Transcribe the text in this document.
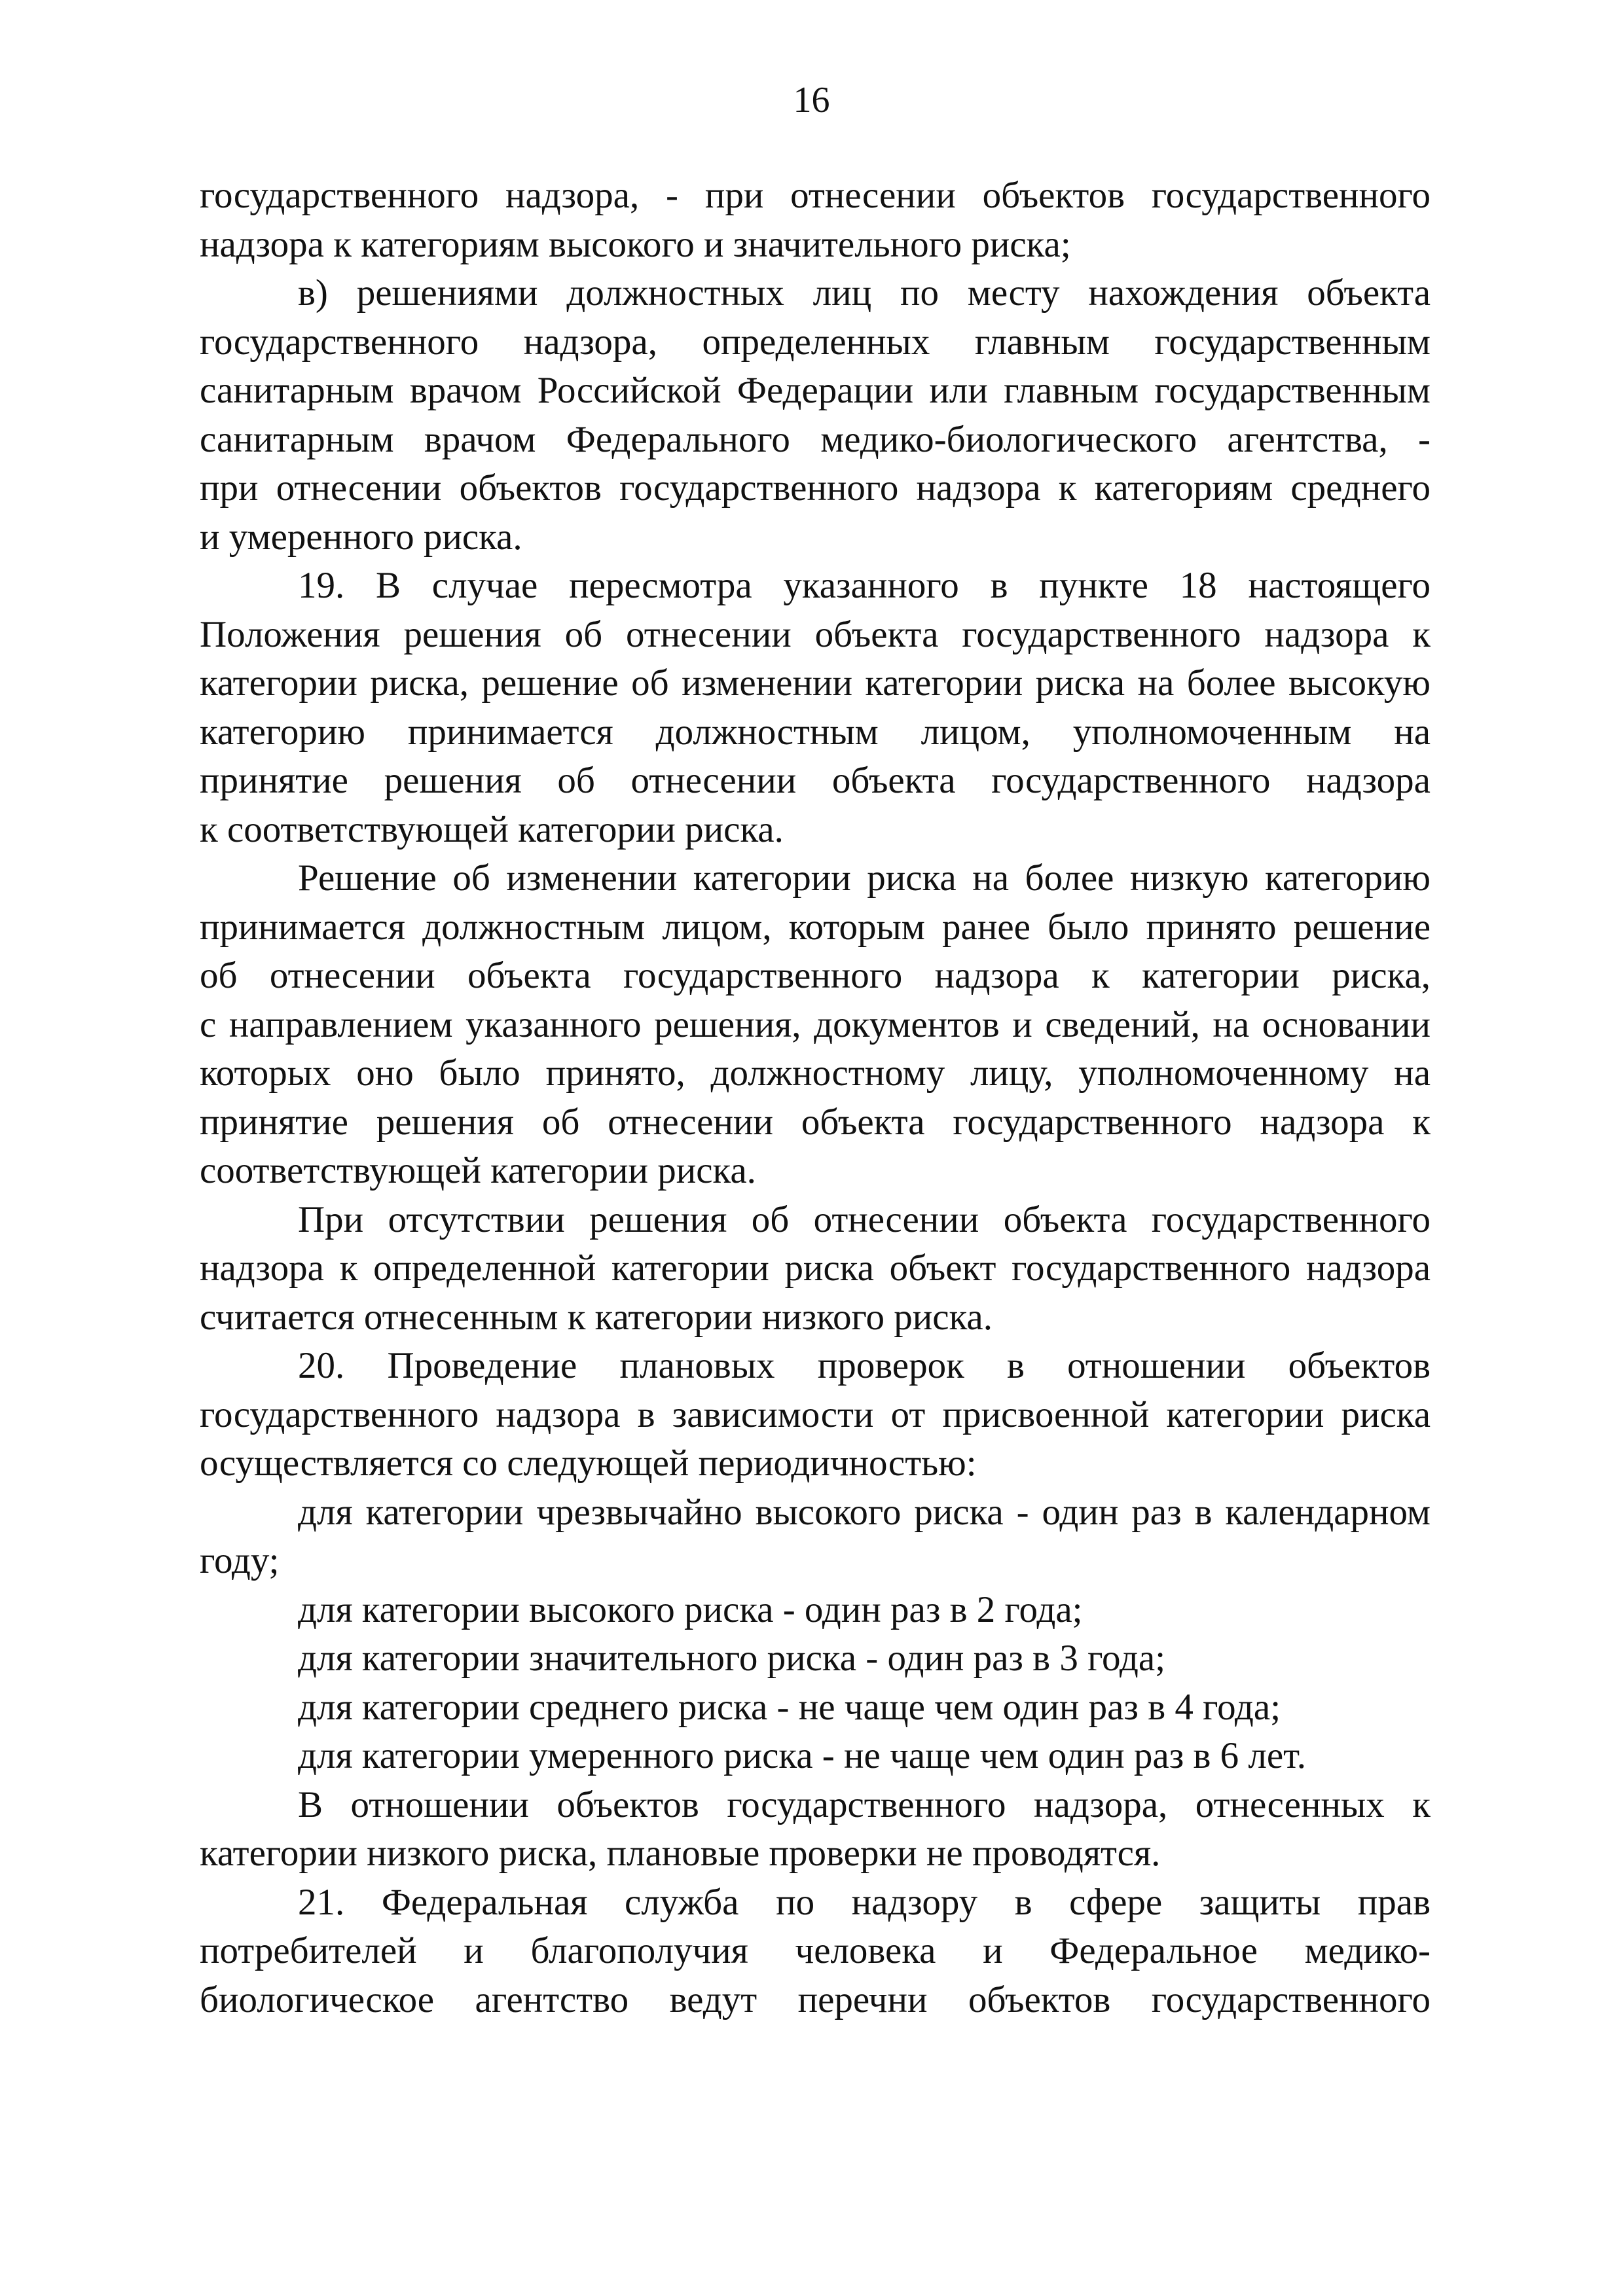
16
государственного надзора, - при отнесении объектов государственного
надзора к категориям высокого и значительного риска;
в) решениями должностных лиц по месту нахождения объекта
государственного надзора, определенных главным государственным
санитарным врачом Российской Федерации или главным государственным
санитарным врачом Федерального медико-биологического агентства, -
при отнесении объектов государственного надзора к категориям среднего
и умеренного риска.
19. В случае пересмотра указанного в пункте 18 настоящего
Положения решения об отнесении объекта государственного надзора к
категории риска, решение об изменении категории риска на более высокую
категорию принимается должностным лицом, уполномоченным на
принятие решения об отнесении объекта государственного надзора
к соответствующей категории риска.
Решение об изменении категории риска на более низкую категорию
принимается должностным лицом, которым ранее было принято решение
об отнесении объекта государственного надзора к категории риска,
с направлением указанного решения, документов и сведений, на основании
которых оно было принято, должностному лицу, уполномоченному на
принятие решения об отнесении объекта государственного надзора к
соответствующей категории риска.
При отсутствии решения об отнесении объекта государственного
надзора к определенной категории риска объект государственного надзора
считается отнесенным к категории низкого риска.
20. Проведение плановых проверок в отношении объектов
государственного надзора в зависимости от присвоенной категории риска
осуществляется со следующей периодичностью:
для категории чрезвычайно высокого риска - один раз в календарном
году;
для категории высокого риска - один раз в 2 года;
для категории значительного риска - один раз в 3 года;
для категории среднего риска - не чаще чем один раз в 4 года;
для категории умеренного риска - не чаще чем один раз в 6 лет.
В отношении объектов государственного надзора, отнесенных к
категории низкого риска, плановые проверки не проводятся.
21. Федеральная служба по надзору в сфере защиты прав
потребителей и благополучия человека и Федеральное медико-
биологическое агентство ведут перечни объектов государственного
